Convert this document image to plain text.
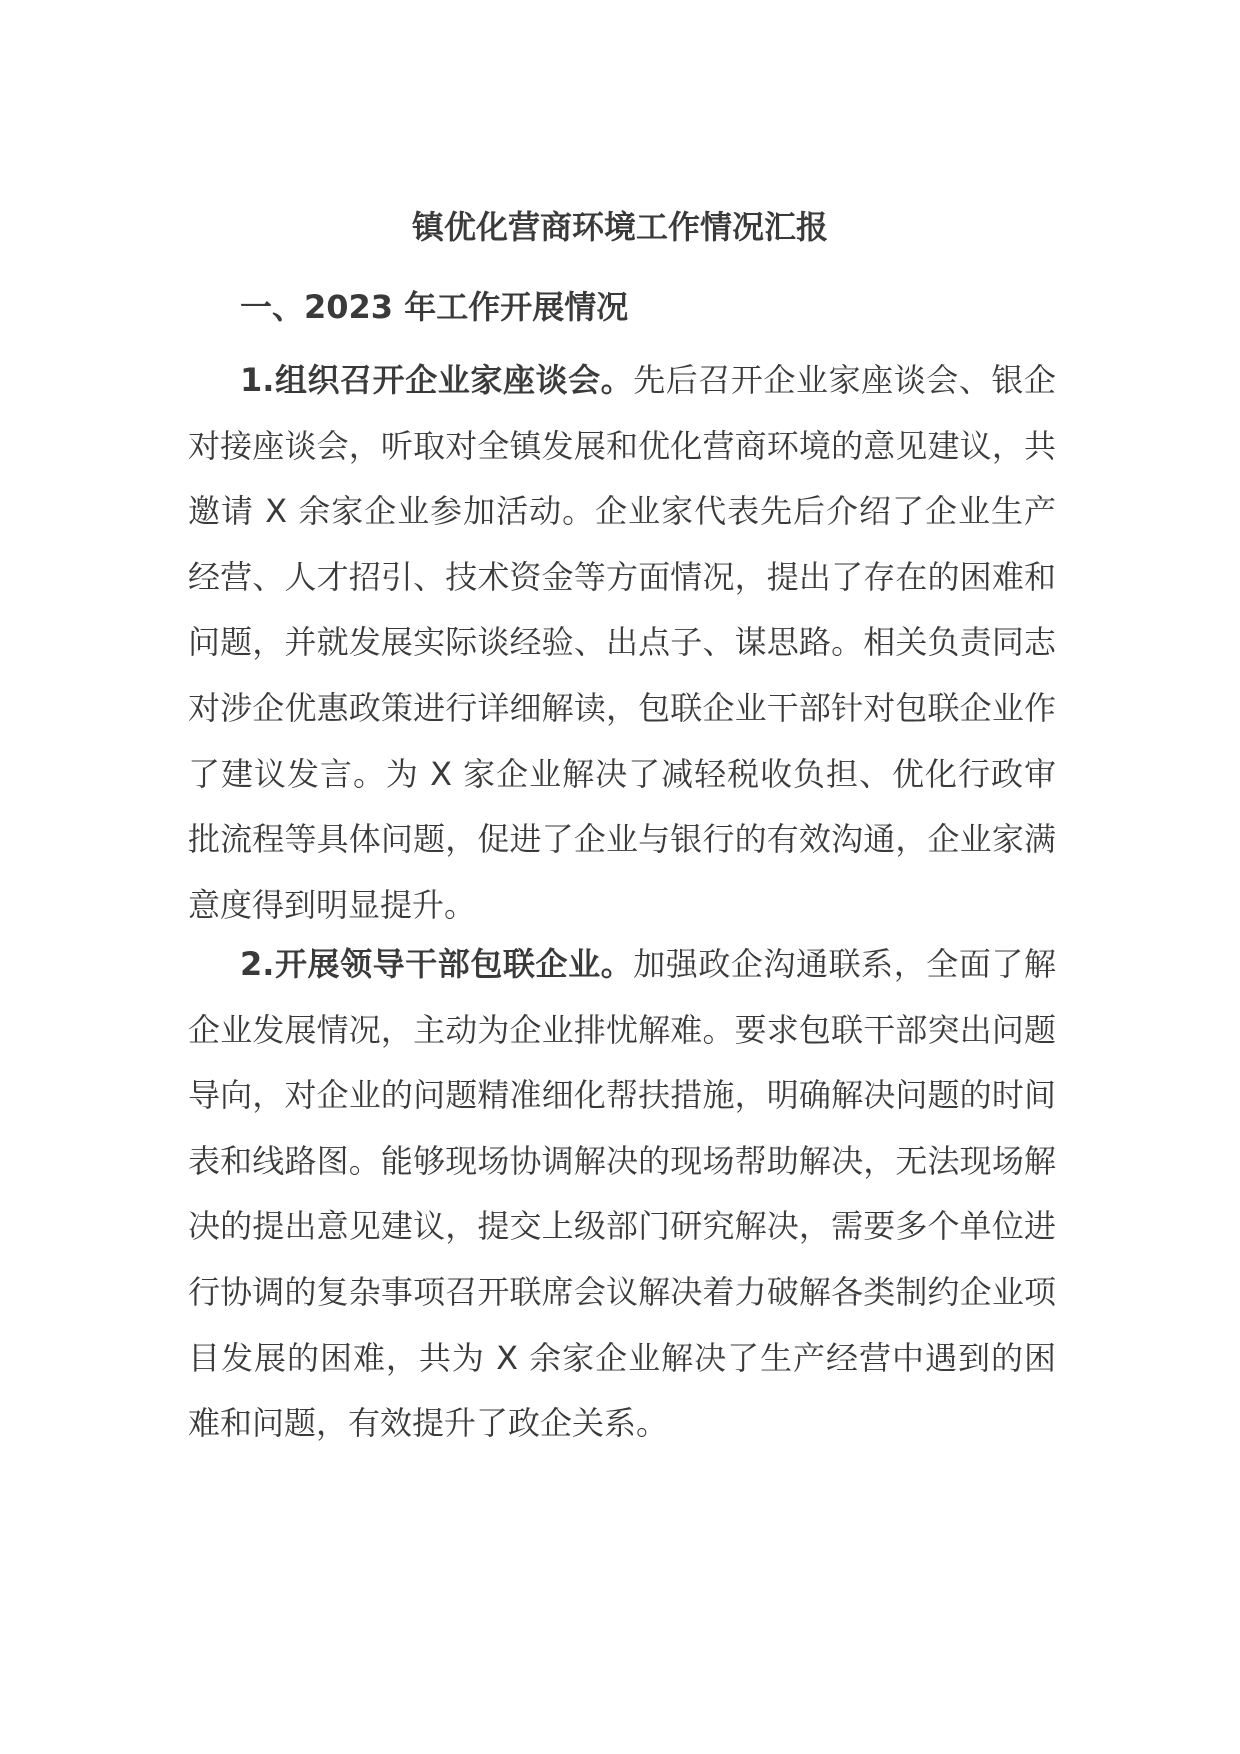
镇优化营商环境工作情况汇报
一、2023 年工作开展情况

1.组织召开企业家座谈会。先后召开企业家座谈会、银企对接座谈会，听取对全镇发展和优化营商环境的意见建议，共邀请 X 余家企业参加活动。企业家代表先后介绍了企业生产经营、人才招引、技术资金等方面情况，提出了存在的困难和问题，并就发展实际谈经验、出点子、谋思路。相关负责同志对涉企优惠政策进行详细解读，包联企业干部针对包联企业作了建议发言。为 X 家企业解决了减轻税收负担、优化行政审批流程等具体问题，促进了企业与银行的有效沟通，企业家满意度得到明显提升。

2.开展领导干部包联企业。加强政企沟通联系，全面了解企业发展情况，主动为企业排忧解难。要求包联干部突出问题导向，对企业的问题精准细化帮扶措施，明确解决问题的时间表和线路图。能够现场协调解决的现场帮助解决，无法现场解决的提出意见建议，提交上级部门研究解决，需要多个单位进行协调的复杂事项召开联席会议解决着力破解各类制约企业项目发展的困难，共为 X 余家企业解决了生产经营中遇到的困难和问题，有效提升了政企关系。
